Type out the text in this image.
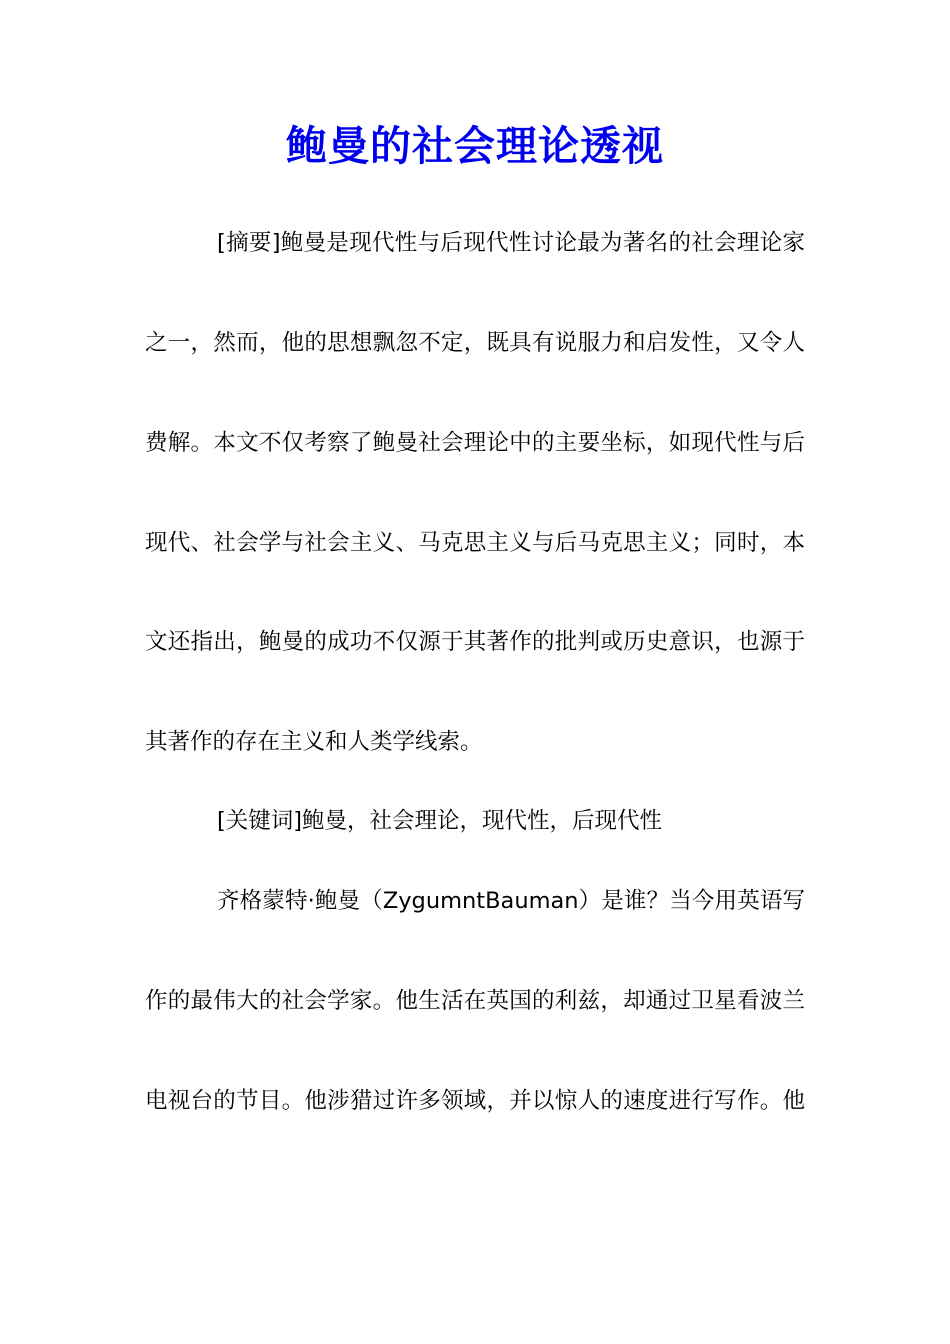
鲍曼的社会理论透视
[摘要]鲍曼是现代性与后现代性讨论最为著名的社会理论家
之一，然而，他的思想飘忽不定，既具有说服力和启发性，又令人
费解。本文不仅考察了鲍曼社会理论中的主要坐标，如现代性与后
现代、社会学与社会主义、马克思主义与后马克思主义；同时，本
文还指出，鲍曼的成功不仅源于其著作的批判或历史意识，也源于
其著作的存在主义和人类学线索。
[关键词]鲍曼，社会理论，现代性，后现代性
齐格蒙特·鲍曼（ZygumntBauman）是谁？当今用英语写
作的最伟大的社会学家。他生活在英国的利兹，却通过卫星看波兰
电视台的节目。他涉猎过许多领域，并以惊人的速度进行写作。他
